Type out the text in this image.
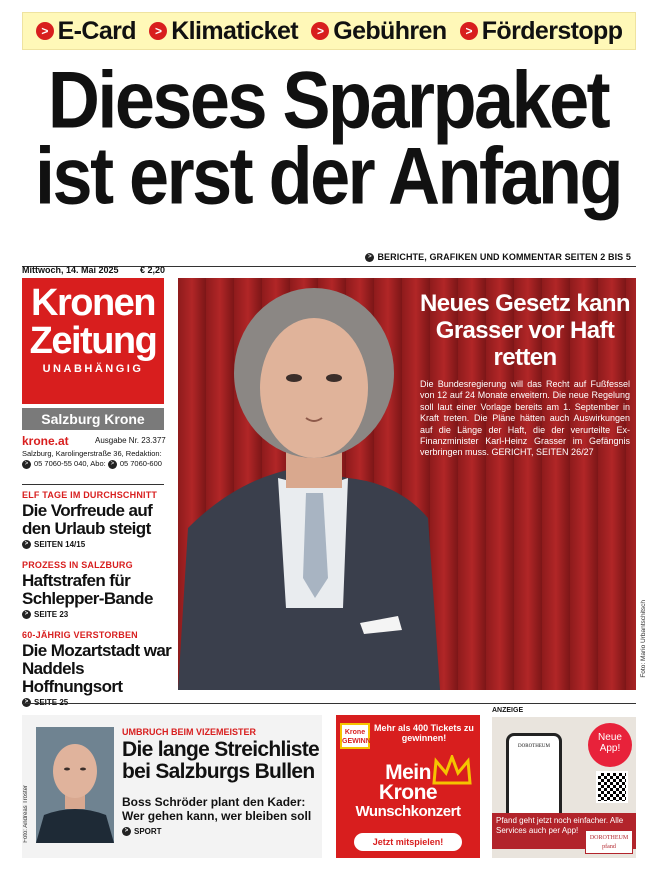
> E-Card	> Klimaticket	> Gebühren	> Förderstopp
Dieses Sparpaket
ist erst der Anfang
> BERICHTE, GRAFIKEN UND KOMMENTAR SEITEN 2 BIS 5
Mittwoch, 14. Mai 2025 € 2,20
Kronen
Zeitung
UNABHÄNGIG
Salzburg Krone
krone.at	Ausgabe Nr. 23.377
Salzburg, Karolingerstraße 36, Redaktion:
> 05 7060-55 040, Abo: > 05 7060-600
ELF TAGE IM DURCHSCHNITT
Die Vorfreude auf den Urlaub steigt
> SEITEN 14/15
PROZESS IN SALZBURG
Haftstrafen für Schlepper-Bande
> SEITE 23
60-JÄHRIG VERSTORBEN
Die Mozartstadt war Naddels Hoffnungsort
Foto: Mario Urbantschitsch
Neues Gesetz kann Grasser vor Haft retten
Die Bundesregierung will das Recht auf Fußfessel von 12 auf 24 Monate erweitern. Die neue Regelung soll laut einer Vorlage bereits am 1. September in Kraft treten. Die Pläne hätten auch Auswirkungen auf die Länge der Haft, die der verurteilte Ex-Finanzminister Karl-Heinz Grasser im Gefängnis verbringen muss. GERICHT, SEITEN 26/27
Foto: Andreas Tröster
UMBRUCH BEIM VIZEMEISTER
Die lange Streichliste bei Salzburgs Bullen
Boss Schröder plant den Kader: Wer gehen kann, wer bleiben soll
> SPORT
Krone GEWINN
Mehr als 400 Tickets zu gewinnen!
Mein
Krone
Wunschkonzert
Jetzt mitspielen!
ANZEIGE
DOROTHEUM
Neue App!
Pfand geht jetzt noch einfacher. Alle Services auch per App!
DOROTHEUM
pfand
